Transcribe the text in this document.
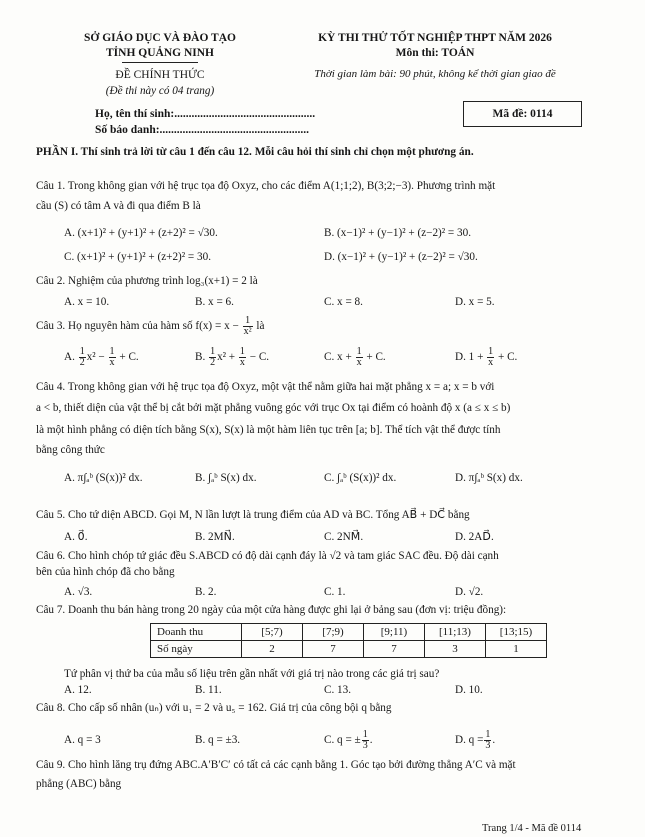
SỞ GIÁO DỤC VÀ ĐÀO TẠO
TỈNH QUẢNG NINH
ĐỀ CHÍNH THỨC
(Đề thi này có 04 trang)
KỲ THI THỬ TỐT NGHIỆP THPT NĂM 2026
Môn thi: TOÁN
Thời gian làm bài: 90 phút, không kể thời gian giao đề
Họ, tên thí sinh:.................................................
Số báo danh:....................................................
Mã đề: 0114
PHẦN I. Thí sinh trả lời từ câu 1 đến câu 12. Mỗi câu hỏi thí sinh chỉ chọn một phương án.
Câu 1. Trong không gian với hệ trục tọa độ Oxyz, cho các điểm A(1;1;2), B(3;2;−3). Phương trình mặt
cầu (S) có tâm A và đi qua điểm B là
A. (x+1)² + (y+1)² + (z+2)² = √30.	B. (x−1)² + (y−1)² + (z−2)² = 30.
C. (x+1)² + (y+1)² + (z+2)² = 30.	D. (x−1)² + (y−1)² + (z−2)² = √30.
Câu 2. Nghiệm của phương trình log₃(x+1) = 2 là
A. x = 10.	B. x = 6.	C. x = 8.	D. x = 5.
Câu 3. Họ nguyên hàm của hàm số $f(x) = x - \frac{1}{\text{x²}}$ là
A. $\frac{1}{2} x^2 - \frac{1}{x} + C$.	B. $\frac{1}{2} x^2 + \frac{1}{x} - C$.	C. $x + \frac{1}{x} + C$.	D. $1 + \frac{1}{x} + C$.
Câu 4. Trong không gian với hệ trục tọa độ Oxyz, một vật thể nằm giữa hai mặt phẳng x = a; x = b với
a < b, thiết diện của vật thể bị cắt bởi mặt phẳng vuông góc với trục Ox tại điểm có hoành độ x (a ≤ x ≤ b)
là một hình phẳng có diện tích bằng S(x), S(x) là một hàm liên tục trên [a; b]. Thể tích vật thể được tính
bằng công thức
A. π∫ₐᵇ (S(x))² dx.	B. ∫ₐᵇ S(x) dx.	C. ∫ₐᵇ (S(x))² dx.	D. π∫ₐᵇ S(x) dx.
Câu 5. Cho tứ diện ABCD. Gọi M, N lần lượt là trung điểm của AD và BC. Tổng AB⃗ + DC⃗ bằng
A. 0⃗.	B. 2MN⃗.	C. 2NM⃗.	D. 2AD⃗.
Câu 6. Cho hình chóp tứ giác đều S.ABCD có độ dài cạnh đáy là √2 và tam giác SAC đều. Độ dài cạnh
bên của hình chóp đã cho bằng
A. √3.	B. 2.	C. 1.	D. √2.
Câu 7. Doanh thu bán hàng trong 20 ngày của một cửa hàng được ghi lại ở bảng sau (đơn vị: triệu đồng):
Doanh thu	[5;7)	[7;9)	[9;11)	[11;13)	[13;15)
Số ngày	2	7	7	3	1
Tứ phân vị thứ ba của mẫu số liệu trên gần nhất với giá trị nào trong các giá trị sau?
A. 12.	B. 11.	C. 13.	D. 10.
Câu 8. Cho cấp số nhân (uₙ) với u₁ = 2 và u₅ = 162. Giá trị của công bội q bằng
A. q = 3	B. q = ±3.	C. q = ± $\frac{1}{3}$ .	D. $q = \frac{1}{3}$ .
Câu 9. Cho hình lăng trụ đứng ABC.A′B′C′ có tất cả các cạnh bằng 1. Góc tạo bởi đường thẳng A′C và mặt
phẳng (ABC) bằng
Trang 1/4 - Mã đề 0114
